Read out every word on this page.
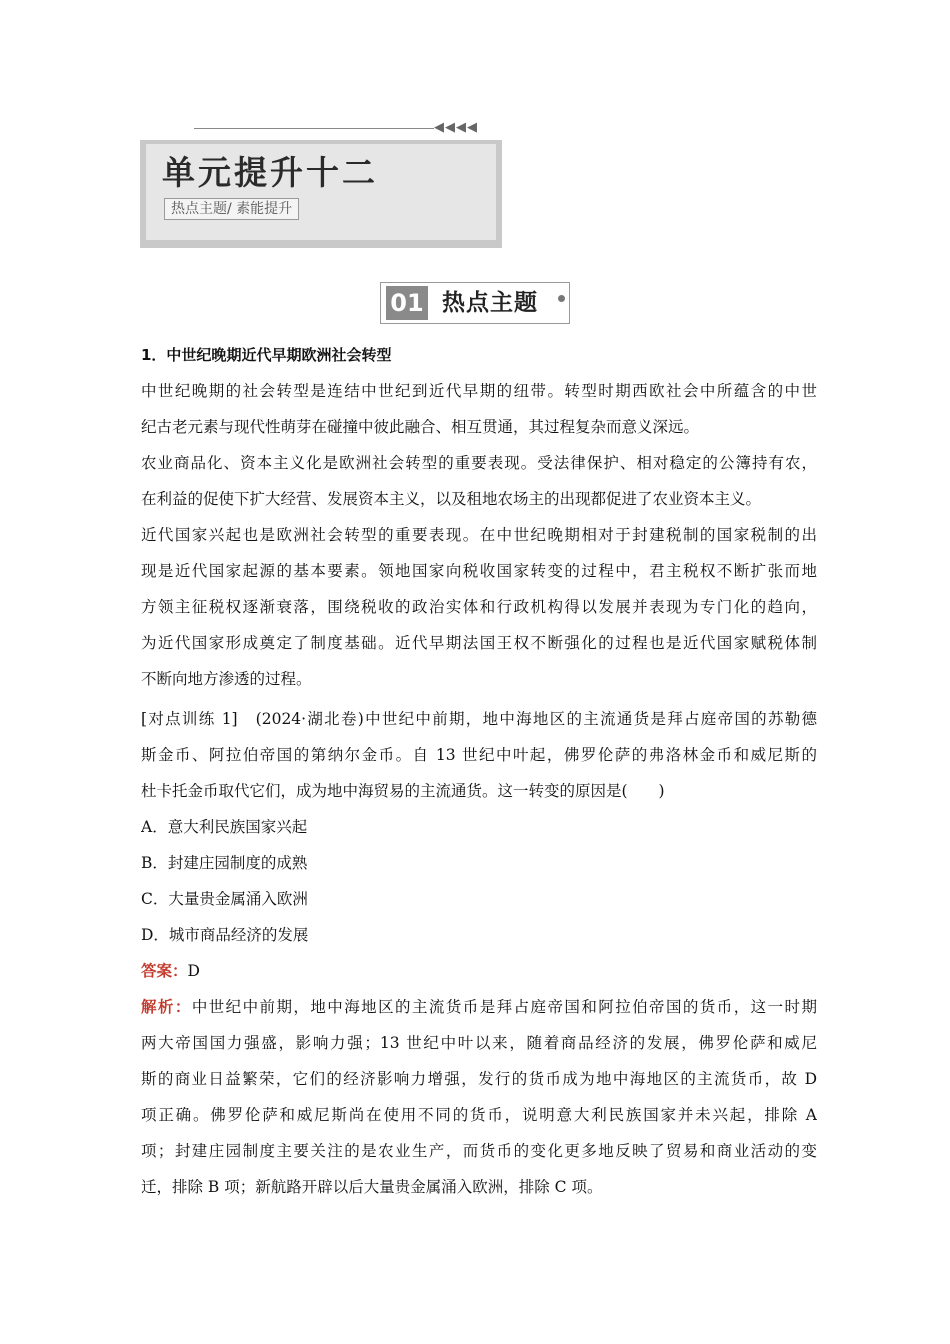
◀◀◀◀
单元提升十二
热点主题/ 素能提升
01 热点主题
1．中世纪晚期近代早期欧洲社会转型
中世纪晚期的社会转型是连结中世纪到近代早期的纽带。转型时期西欧社会中所蕴含的中世
纪古老元素与现代性萌芽在碰撞中彼此融合、相互贯通，其过程复杂而意义深远。
农业商品化、资本主义化是欧洲社会转型的重要表现。受法律保护、相对稳定的公簿持有农，
在利益的促使下扩大经营、发展资本主义，以及租地农场主的出现都促进了农业资本主义。
近代国家兴起也是欧洲社会转型的重要表现。在中世纪晚期相对于封建税制的国家税制的出
现是近代国家起源的基本要素。领地国家向税收国家转变的过程中，君主税权不断扩张而地
方领主征税权逐渐衰落，围绕税收的政治实体和行政机构得以发展并表现为专门化的趋向，
为近代国家形成奠定了制度基础。近代早期法国王权不断强化的过程也是近代国家赋税体制
不断向地方渗透的过程。
[对点训练 1]　(2024·湖北卷)中世纪中前期，地中海地区的主流通货是拜占庭帝国的苏勒德
斯金币、阿拉伯帝国的第纳尔金币。自 13 世纪中叶起，佛罗伦萨的弗洛林金币和威尼斯的
杜卡托金币取代它们，成为地中海贸易的主流通货。这一转变的原因是(　　)
A．意大利民族国家兴起
B．封建庄园制度的成熟
C．大量贵金属涌入欧洲
D．城市商品经济的发展
答案：D
解析：中世纪中前期，地中海地区的主流货币是拜占庭帝国和阿拉伯帝国的货币，这一时期
两大帝国国力强盛，影响力强；13 世纪中叶以来，随着商品经济的发展，佛罗伦萨和威尼
斯的商业日益繁荣，它们的经济影响力增强，发行的货币成为地中海地区的主流货币，故 D
项正确。佛罗伦萨和威尼斯尚在使用不同的货币，说明意大利民族国家并未兴起，排除 A
项；封建庄园制度主要关注的是农业生产，而货币的变化更多地反映了贸易和商业活动的变
迁，排除 B 项；新航路开辟以后大量贵金属涌入欧洲，排除 C 项。
